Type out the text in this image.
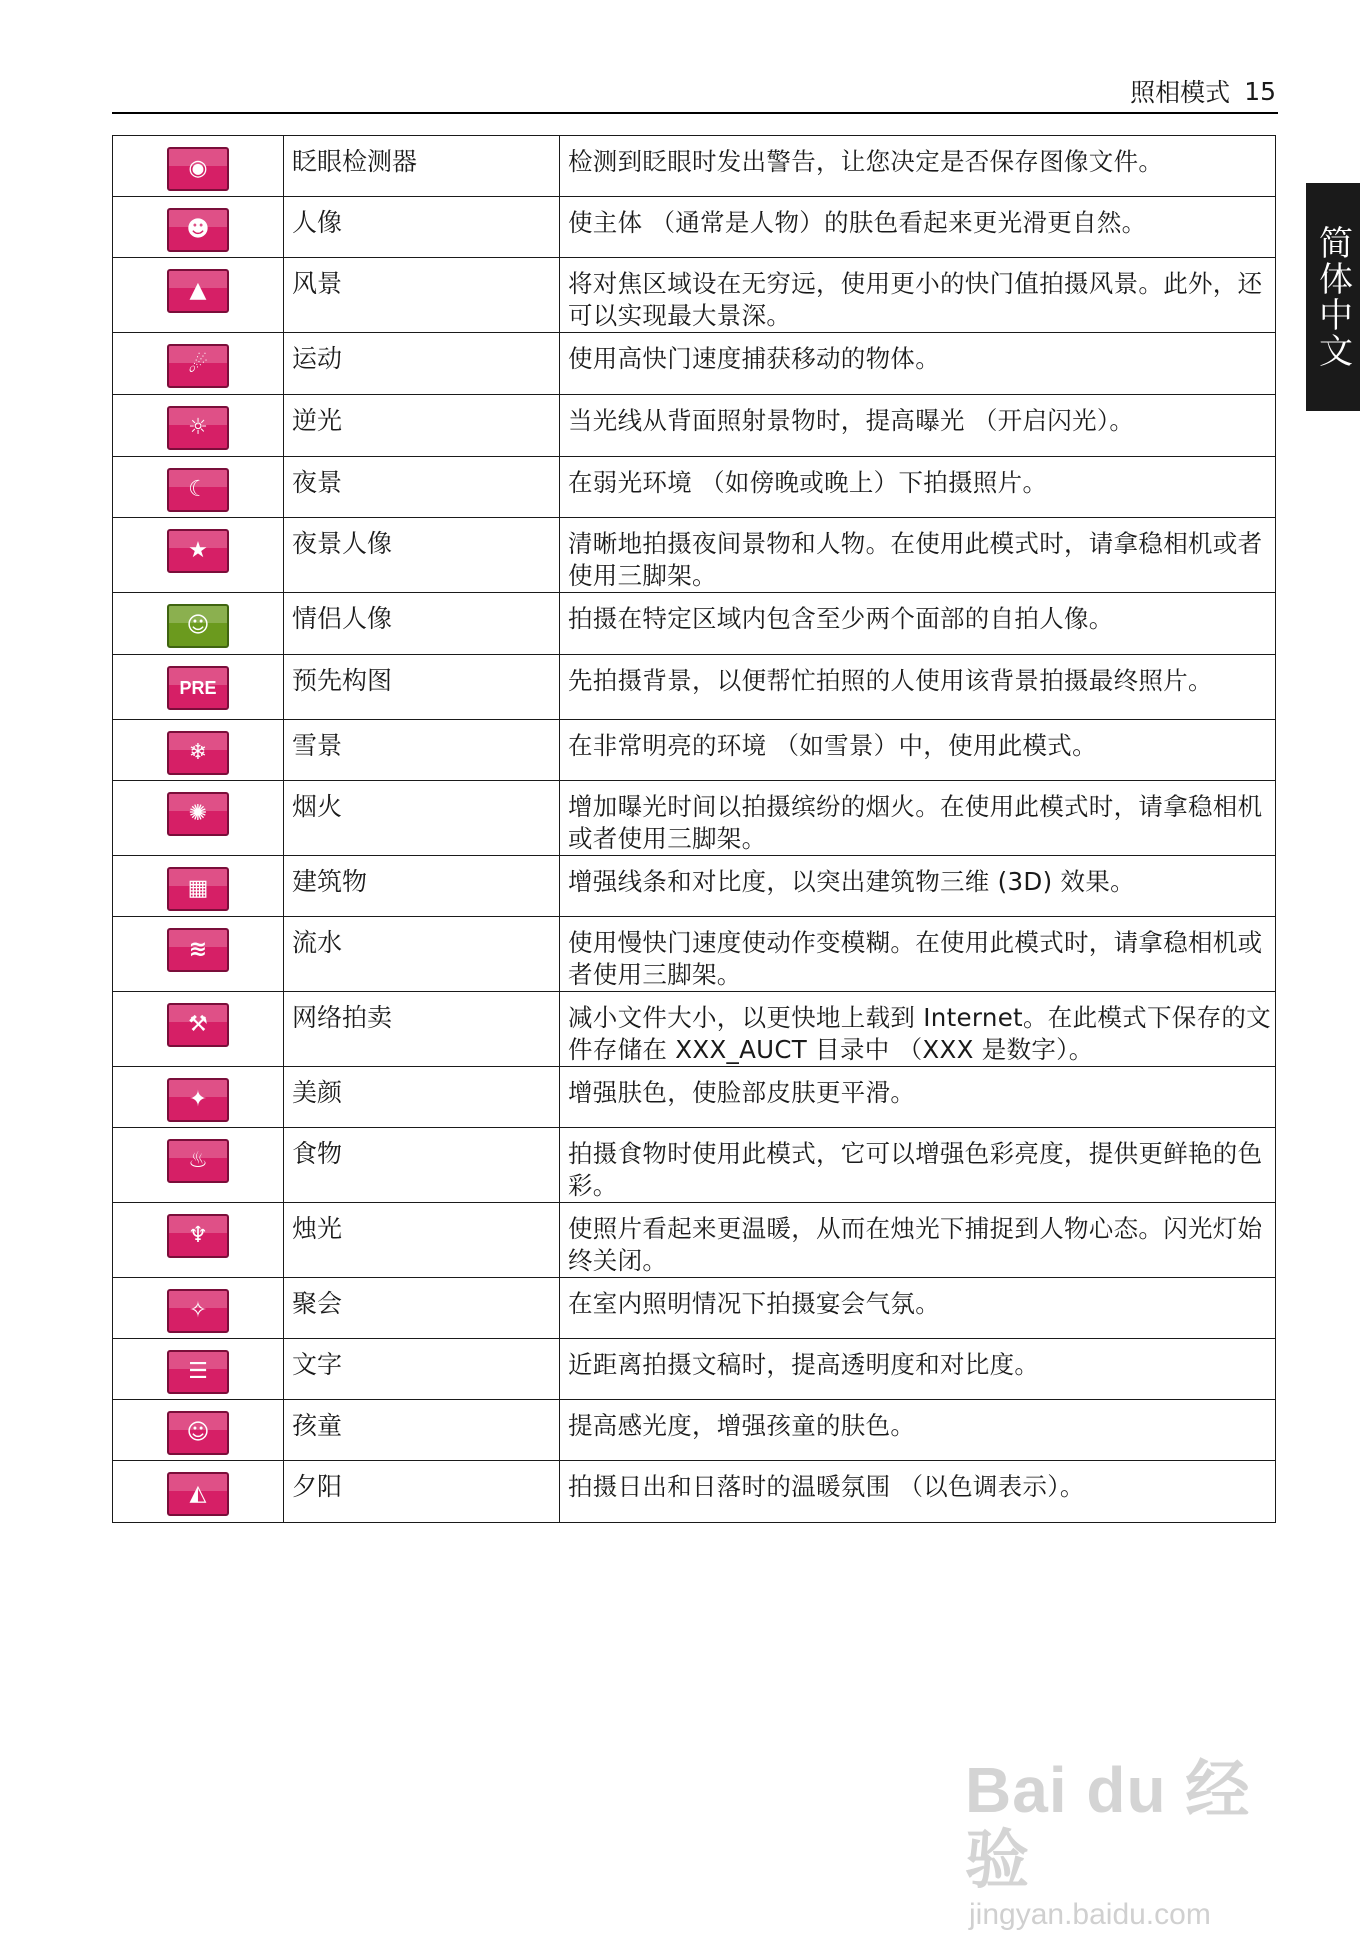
照相模式 15
简体中文
◉	眨眼检测器	检测到眨眼时发出警告，让您决定是否保存图像文件。

☻	人像	使主体 （通常是人物）的肤色看起来更光滑更自然。

▲	风景	将对焦区域设在无穷远，使用更小的快门值拍摄风景。此外，还可以实现最大景深。

☄	运动	使用高快门速度捕获移动的物体。

☼	逆光	当光线从背面照射景物时，提高曝光 （开启闪光）。

☾	夜景	在弱光环境 （如傍晚或晚上）下拍摄照片。

★	夜景人像	清晰地拍摄夜间景物和人物。在使用此模式时，请拿稳相机或者使用三脚架。

☺	情侣人像	拍摄在特定区域内包含至少两个面部的自拍人像。

PRE	预先构图	先拍摄背景，以便帮忙拍照的人使用该背景拍摄最终照片。

❄	雪景	在非常明亮的环境 （如雪景）中，使用此模式。

✺	烟火	增加曝光时间以拍摄缤纷的烟火。在使用此模式时，请拿稳相机或者使用三脚架。

▦	建筑物	增强线条和对比度，以突出建筑物三维 (3D) 效果。

≋	流水	使用慢快门速度使动作变模糊。在使用此模式时，请拿稳相机或者使用三脚架。

⚒	网络拍卖	减小文件大小，以更快地上载到 Internet。在此模式下保存的文件存储在 XXX_AUCT 目录中 （XXX 是数字）。

✦	美颜	增强肤色，使脸部皮肤更平滑。

♨	食物	拍摄食物时使用此模式，它可以增强色彩亮度，提供更鲜艳的色彩。

♆	烛光	使照片看起来更温暖，从而在烛光下捕捉到人物心态。闪光灯始终关闭。

✧	聚会	在室内照明情况下拍摄宴会气氛。

☰	文字	近距离拍摄文稿时，提高透明度和对比度。

☺	孩童	提高感光度，增强孩童的肤色。

◭	夕阳	拍摄日出和日落时的温暖氛围 （以色调表示）。
Bai du 经验
jingyan.baidu.com
